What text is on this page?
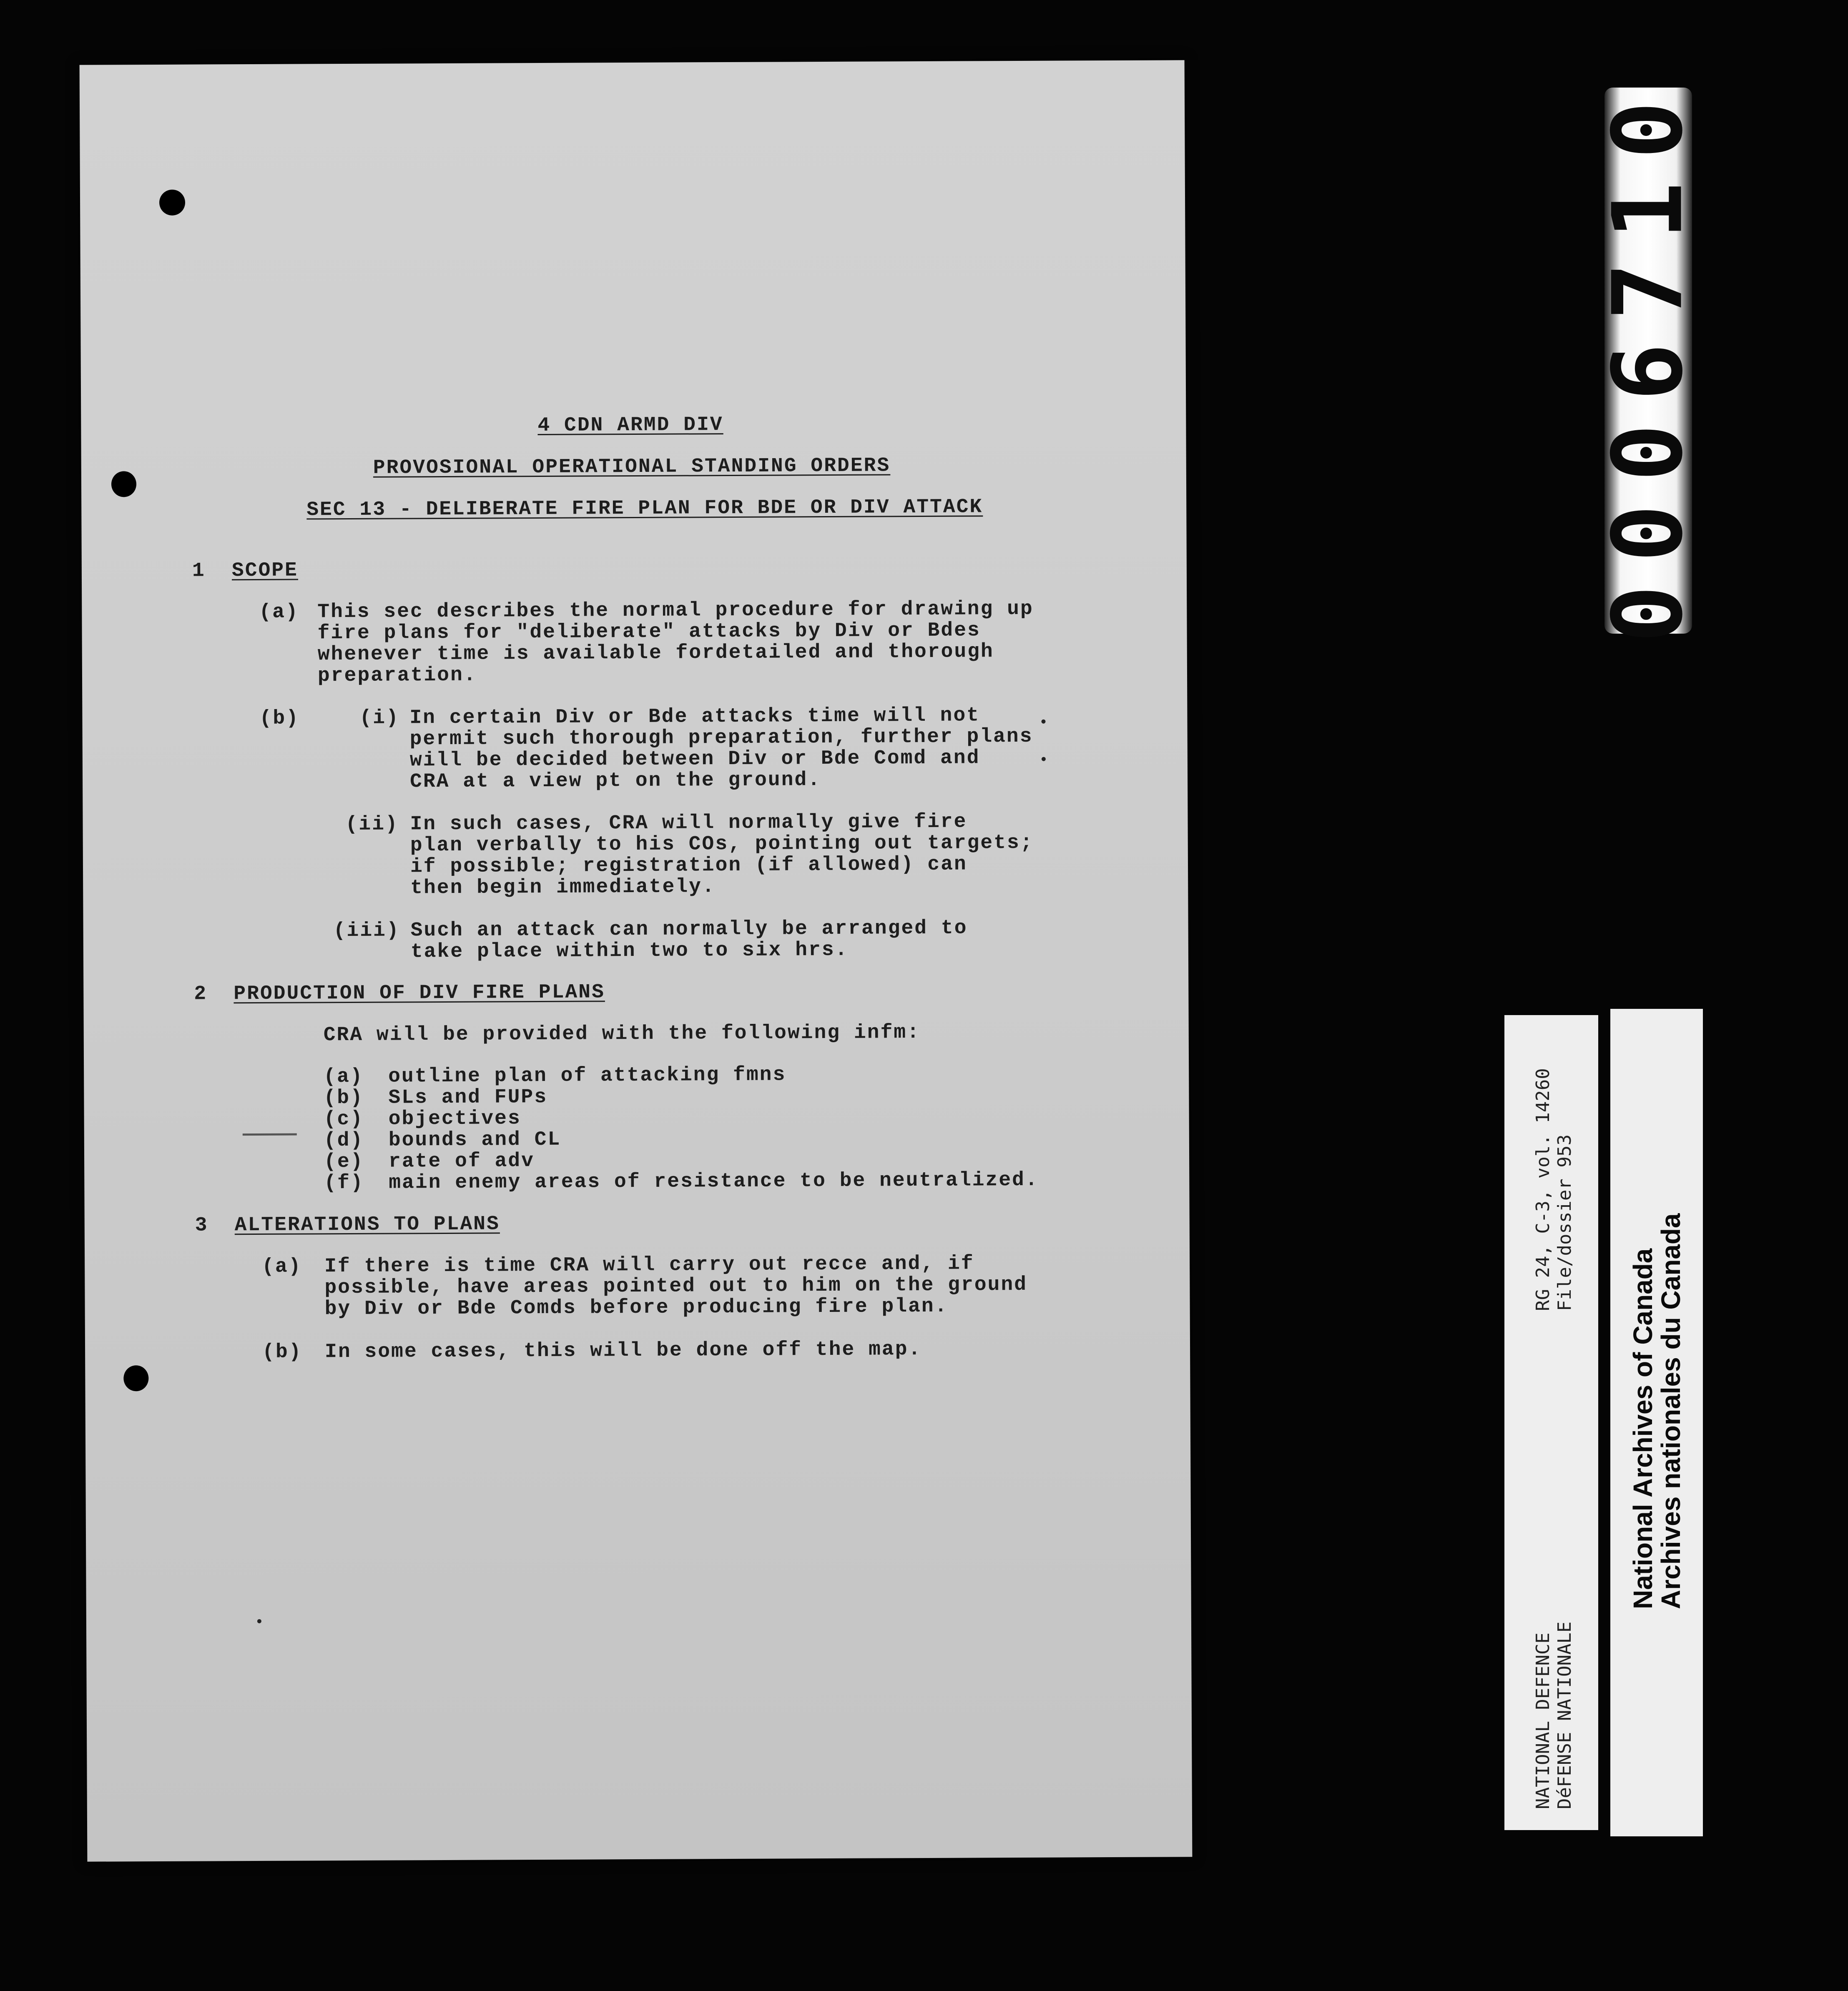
4 CDN ARMD DIV
PROVOSIONAL OPERATIONAL STANDING ORDERS
SEC 13 - DELIBERATE FIRE PLAN FOR BDE OR DIV ATTACK
1 SCOPE
(a) This sec describes the normal procedure for drawing up
fire plans for "deliberate" attacks by Div or Bdes
whenever time is available fordetailed and thorough
preparation.
(b)	(i) In certain Div or Bde attacks time will not
permit such thorough preparation, further plans
will be decided between Div or Bde Comd and
CRA at a view pt on the ground.
(ii) In such cases, CRA will normally give fire
plan verbally to his COs, pointing out targets;
if possible; registration (if allowed) can
then begin immediately.
(iii) Such an attack can normally be arranged to
take place within two to six hrs.
2 PRODUCTION OF DIV FIRE PLANS
CRA will be provided with the following infm:
(a) outline plan of attacking fmns
(b) SLs and FUPs
(c) objectives
(d) bounds and CL
(e) rate of adv
(f) main enemy areas of resistance to be neutralized.
3 ALTERATIONS TO PLANS
(a) If there is time CRA will carry out recce and, if
possible, have areas pointed out to him on the ground
by Div or Bde Comds before producing fire plan.
(b) In some cases, this will be done off the map.
0006710
RG 24, C-3, vol. 14260 File/dossier 953
NATIONAL DEFENCE DéFENSE NATIONALE
National Archives of Canada
Archives nationales du Canada
